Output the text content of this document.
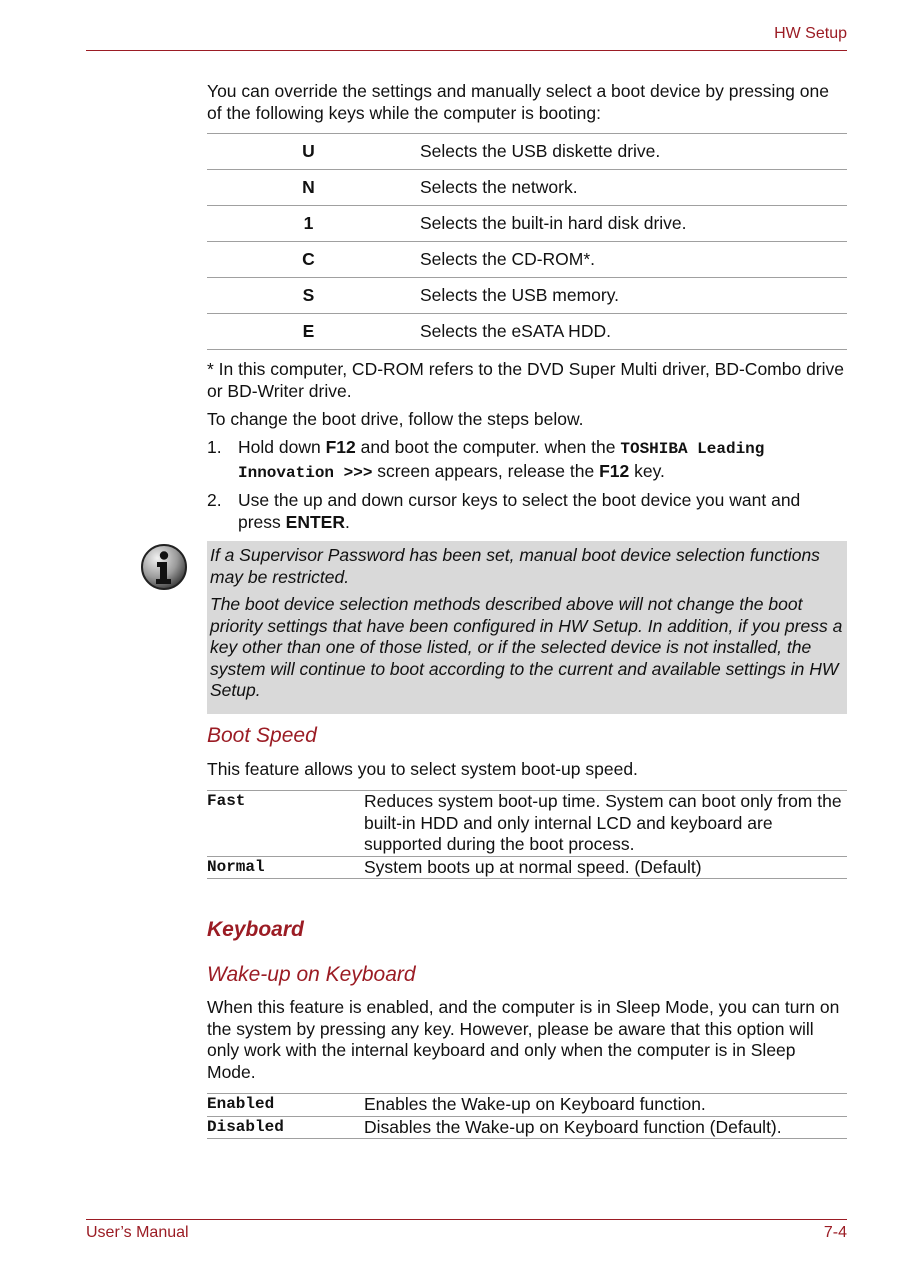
HW Setup
You can override the settings and manually select a boot device by pressing one of the following keys while the computer is booting:
U	Selects the USB diskette drive.
N	Selects the network.
1	Selects the built-in hard disk drive.
C	Selects the CD-ROM*.
S	Selects the USB memory.
E	Selects the eSATA HDD.
* In this computer, CD-ROM refers to the DVD Super Multi driver, BD-Combo drive or BD-Writer drive.
To change the boot drive, follow the steps below.
1. Hold down F12 and boot the computer. when the TOSHIBA Leading Innovation >>> screen appears, release the F12 key.
2. Use the up and down cursor keys to select the boot device you want and press ENTER.

If a Supervisor Password has been set, manual boot device selection functions may be restricted.

The boot device selection methods described above will not change the boot priority settings that have been configured in HW Setup. In addition, if you press a key other than one of those listed, or if the selected device is not installed, the system will continue to boot according to the current and available settings in HW Setup.

Boot Speed
This feature allows you to select system boot-up speed.
Fast	Reduces system boot-up time. System can boot only from the built-in HDD and only internal LCD and keyboard are supported during the boot process.
Normal	System boots up at normal speed. (Default)
Keyboard
Wake-up on Keyboard
When this feature is enabled, and the computer is in Sleep Mode, you can turn on the system by pressing any key. However, please be aware that this option will only work with the internal keyboard and only when the computer is in Sleep Mode.
Enabled	Enables the Wake-up on Keyboard function.
Disabled	Disables the Wake-up on Keyboard function (Default).
User’s Manual	7-4
